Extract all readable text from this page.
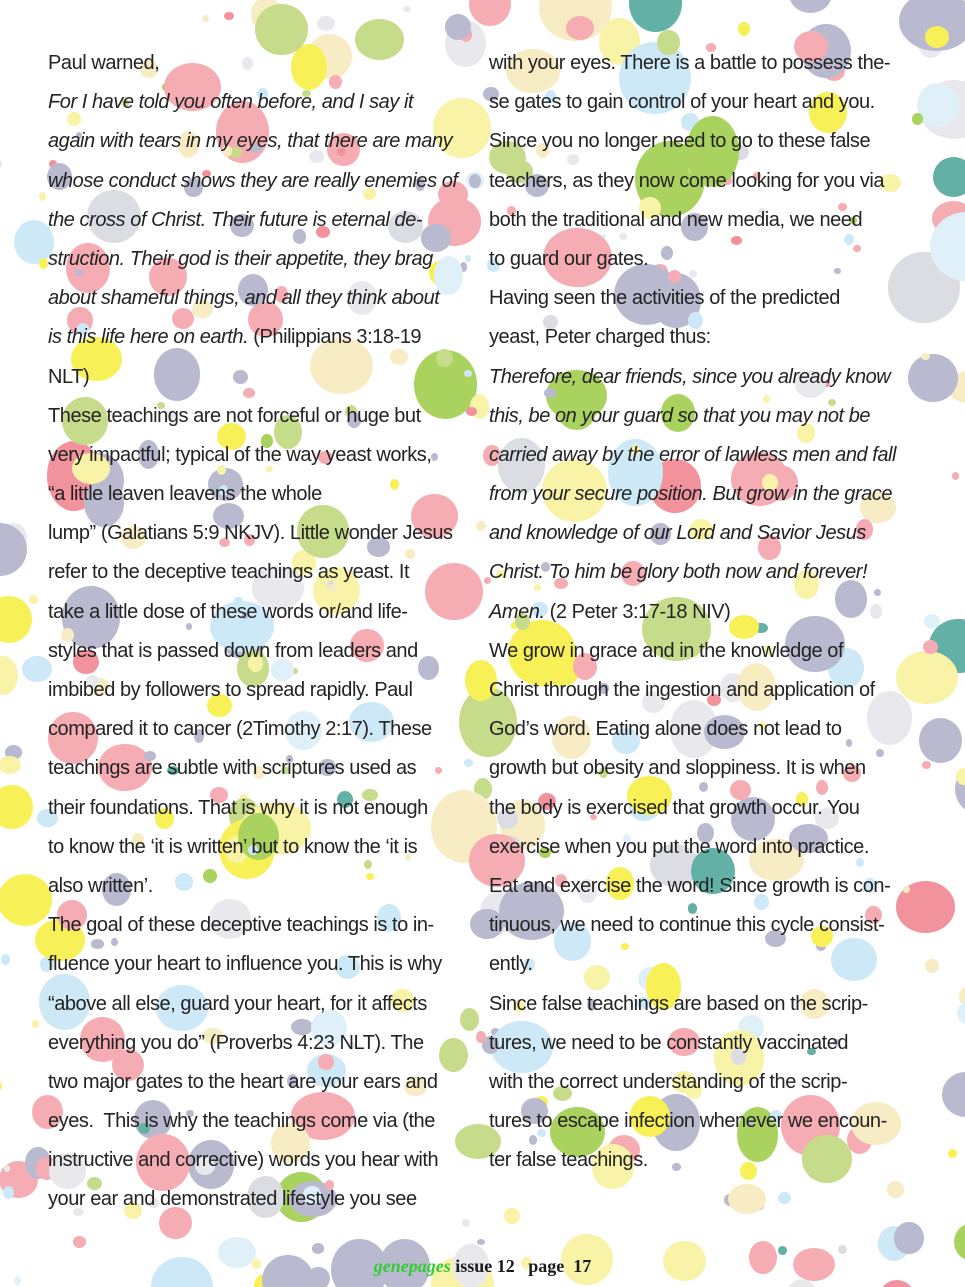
Paul warned,
For I have told you often before, and I say it
again with tears in my eyes, that there are many
whose conduct shows they are really enemies of
the cross of Christ. Their future is eternal de-
struction. Their god is their appetite, they brag
about shameful things, and all they think about
is this life here on earth. (Philippians 3:18-19
NLT)
These teachings are not forceful or huge but
very impactful; typical of the way yeast works,
“a little leaven leavens the whole
lump” (Galatians 5:9 NKJV). Little wonder Jesus
refer to the deceptive teachings as yeast. It
take a little dose of these words or/and life-
styles that is passed down from leaders and
imbibed by followers to spread rapidly. Paul
compared it to cancer (2Timothy 2:17). These
teachings are subtle with scriptures used as
their foundations. That is why it is not enough
to know the ‘it is written’ but to know the ‘it is
also written’.
The goal of these deceptive teachings is to in-
fluence your heart to influence you. This is why
“above all else, guard your heart, for it affects
everything you do” (Proverbs 4:23 NLT). The
two major gates to the heart are your ears and
eyes.  This is why the teachings come via (the
instructive and corrective) words you hear with
your ear and demonstrated lifestyle you see
with your eyes. There is a battle to possess the-
se gates to gain control of your heart and you.
Since you no longer need to go to these false
teachers, as they now come looking for you via
both the traditional and new media, we need
to guard our gates.
Having seen the activities of the predicted
yeast, Peter charged thus:
Therefore, dear friends, since you already know
this, be on your guard so that you may not be
carried away by the error of lawless men and fall
from your secure position. But grow in the grace
and knowledge of our Lord and Savior Jesus
Christ. To him be glory both now and forever!
Amen. (2 Peter 3:17-18 NIV)
We grow in grace and in the knowledge of
Christ through the ingestion and application of
God’s word. Eating alone does not lead to
growth but obesity and sloppiness. It is when
the body is exercised that growth occur. You
exercise when you put the word into practice.
Eat and exercise the word! Since growth is con-
tinuous, we need to continue this cycle consist-
ently.
Since false teachings are based on the scrip-
tures, we need to be constantly vaccinated
with the correct understanding of the scrip-
tures to escape infection whenever we encoun-
ter false teachings.
genepages issue 12   page  17
